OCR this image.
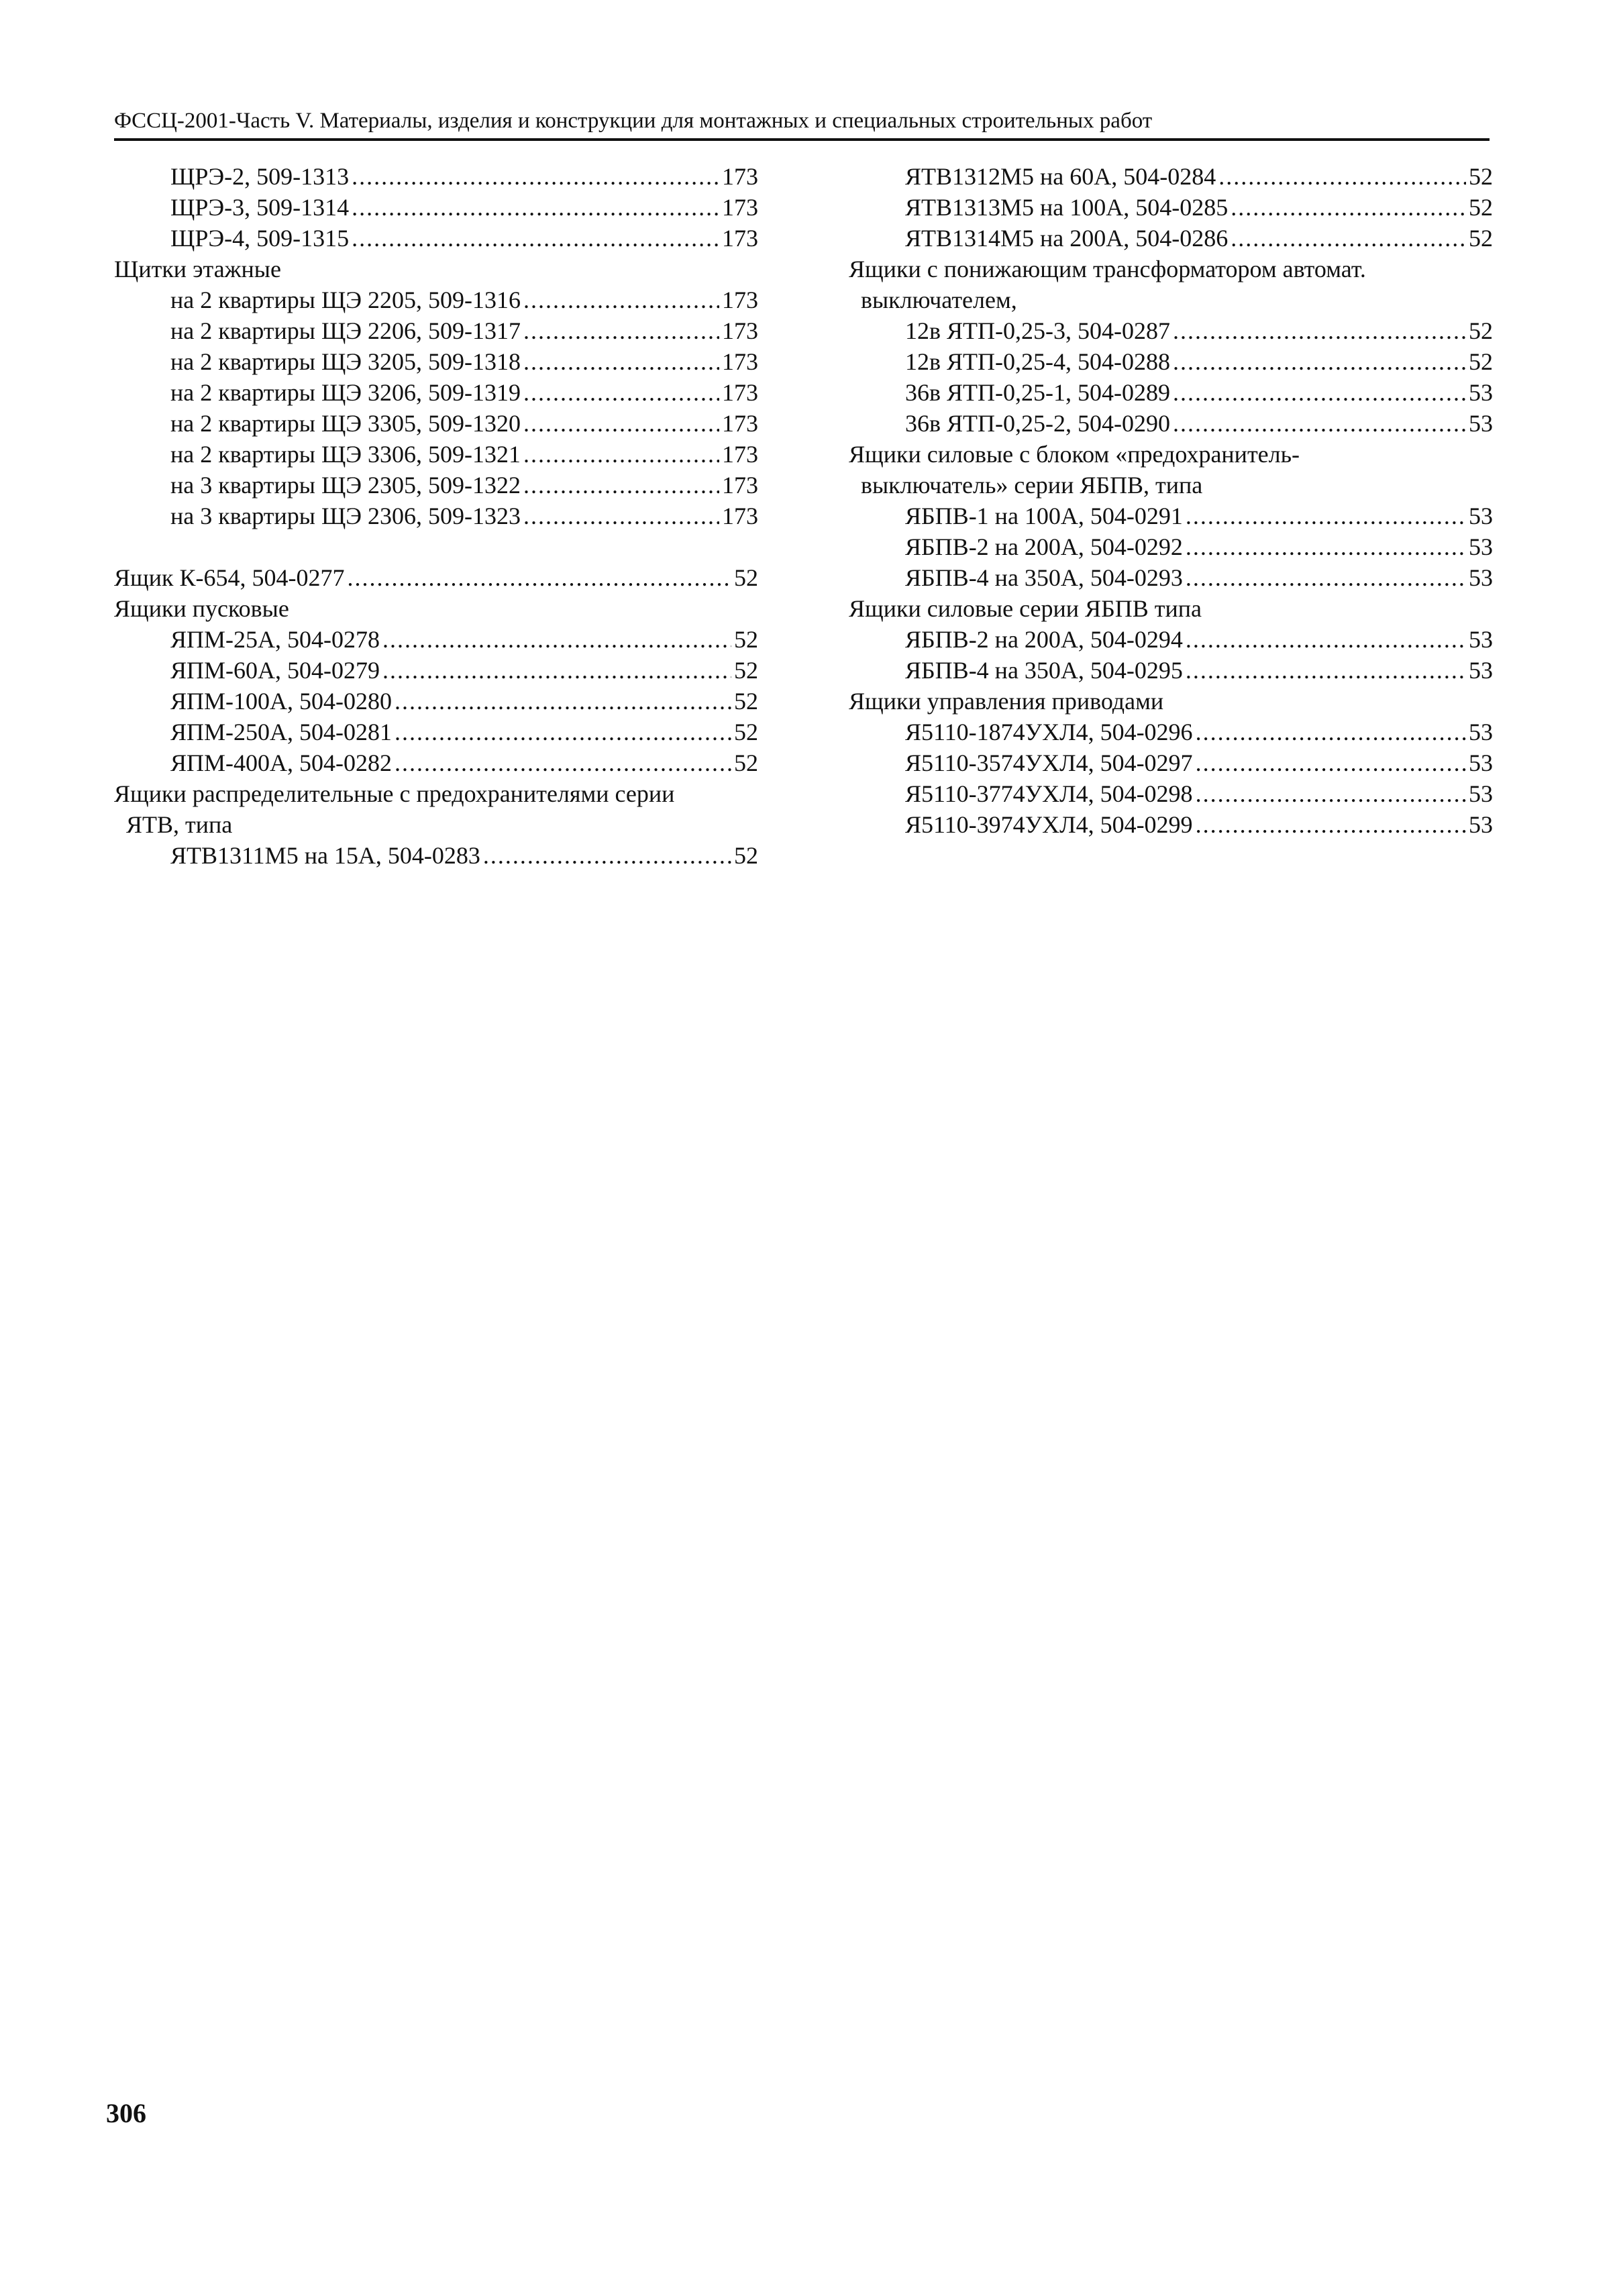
ФССЦ-2001-Часть V. Материалы, изделия и конструкции для монтажных и специальных строительных работ
ЩРЭ-2, 509-1313 .....	173
ЩРЭ-3, 509-1314 .....	173
ЩРЭ-4, 509-1315 .....	173
Щитки этажные
на 2 квартиры ЩЭ 2205, 509-1316 .....	173
на 2 квартиры ЩЭ 2206, 509-1317 .....	173
на 2 квартиры ЩЭ 3205, 509-1318 .....	173
на 2 квартиры ЩЭ 3206, 509-1319 .....	173
на 2 квартиры ЩЭ 3305, 509-1320 .....	173
на 2 квартиры ЩЭ 3306, 509-1321 .....	173
на 3 квартиры ЩЭ 2305, 509-1322 .....	173
на 3 квартиры ЩЭ 2306, 509-1323 .....	173
Ящик К-654, 504-0277 .....	52
Ящики пусковые
ЯПМ-25А, 504-0278 .....	52
ЯПМ-60А, 504-0279 .....	52
ЯПМ-100А, 504-0280 .....	52
ЯПМ-250А, 504-0281 .....	52
ЯПМ-400А, 504-0282 .....	52
Ящики распределительные с предохранителями серии
ЯТВ, типа
ЯТВ1311М5 на 15А, 504-0283 .....	52
ЯТВ1312М5 на 60А, 504-0284 .....	52
ЯТВ1313М5 на 100А, 504-0285 .....	52
ЯТВ1314М5 на 200А, 504-0286 .....	52
Ящики с понижающим трансформатором автомат.
выключателем,
12в ЯТП-0,25-3, 504-0287 .....	52
12в ЯТП-0,25-4, 504-0288 .....	52
36в ЯТП-0,25-1, 504-0289 .....	53
36в ЯТП-0,25-2, 504-0290 .....	53
Ящики силовые с блоком «предохранитель-
выключатель» серии ЯБПВ, типа
ЯБПВ-1 на 100А, 504-0291 .....	53
ЯБПВ-2 на 200А, 504-0292 .....	53
ЯБПВ-4 на 350А, 504-0293 .....	53
Ящики силовые серии ЯБПВ типа
ЯБПВ-2 на 200А, 504-0294 .....	53
ЯБПВ-4 на 350А, 504-0295 .....	53
Ящики управления приводами
Я5110-1874УХЛ4, 504-0296 .....	53
Я5110-3574УХЛ4, 504-0297 .....	53
Я5110-3774УХЛ4, 504-0298 .....	53
Я5110-3974УХЛ4, 504-0299 .....	53
306
